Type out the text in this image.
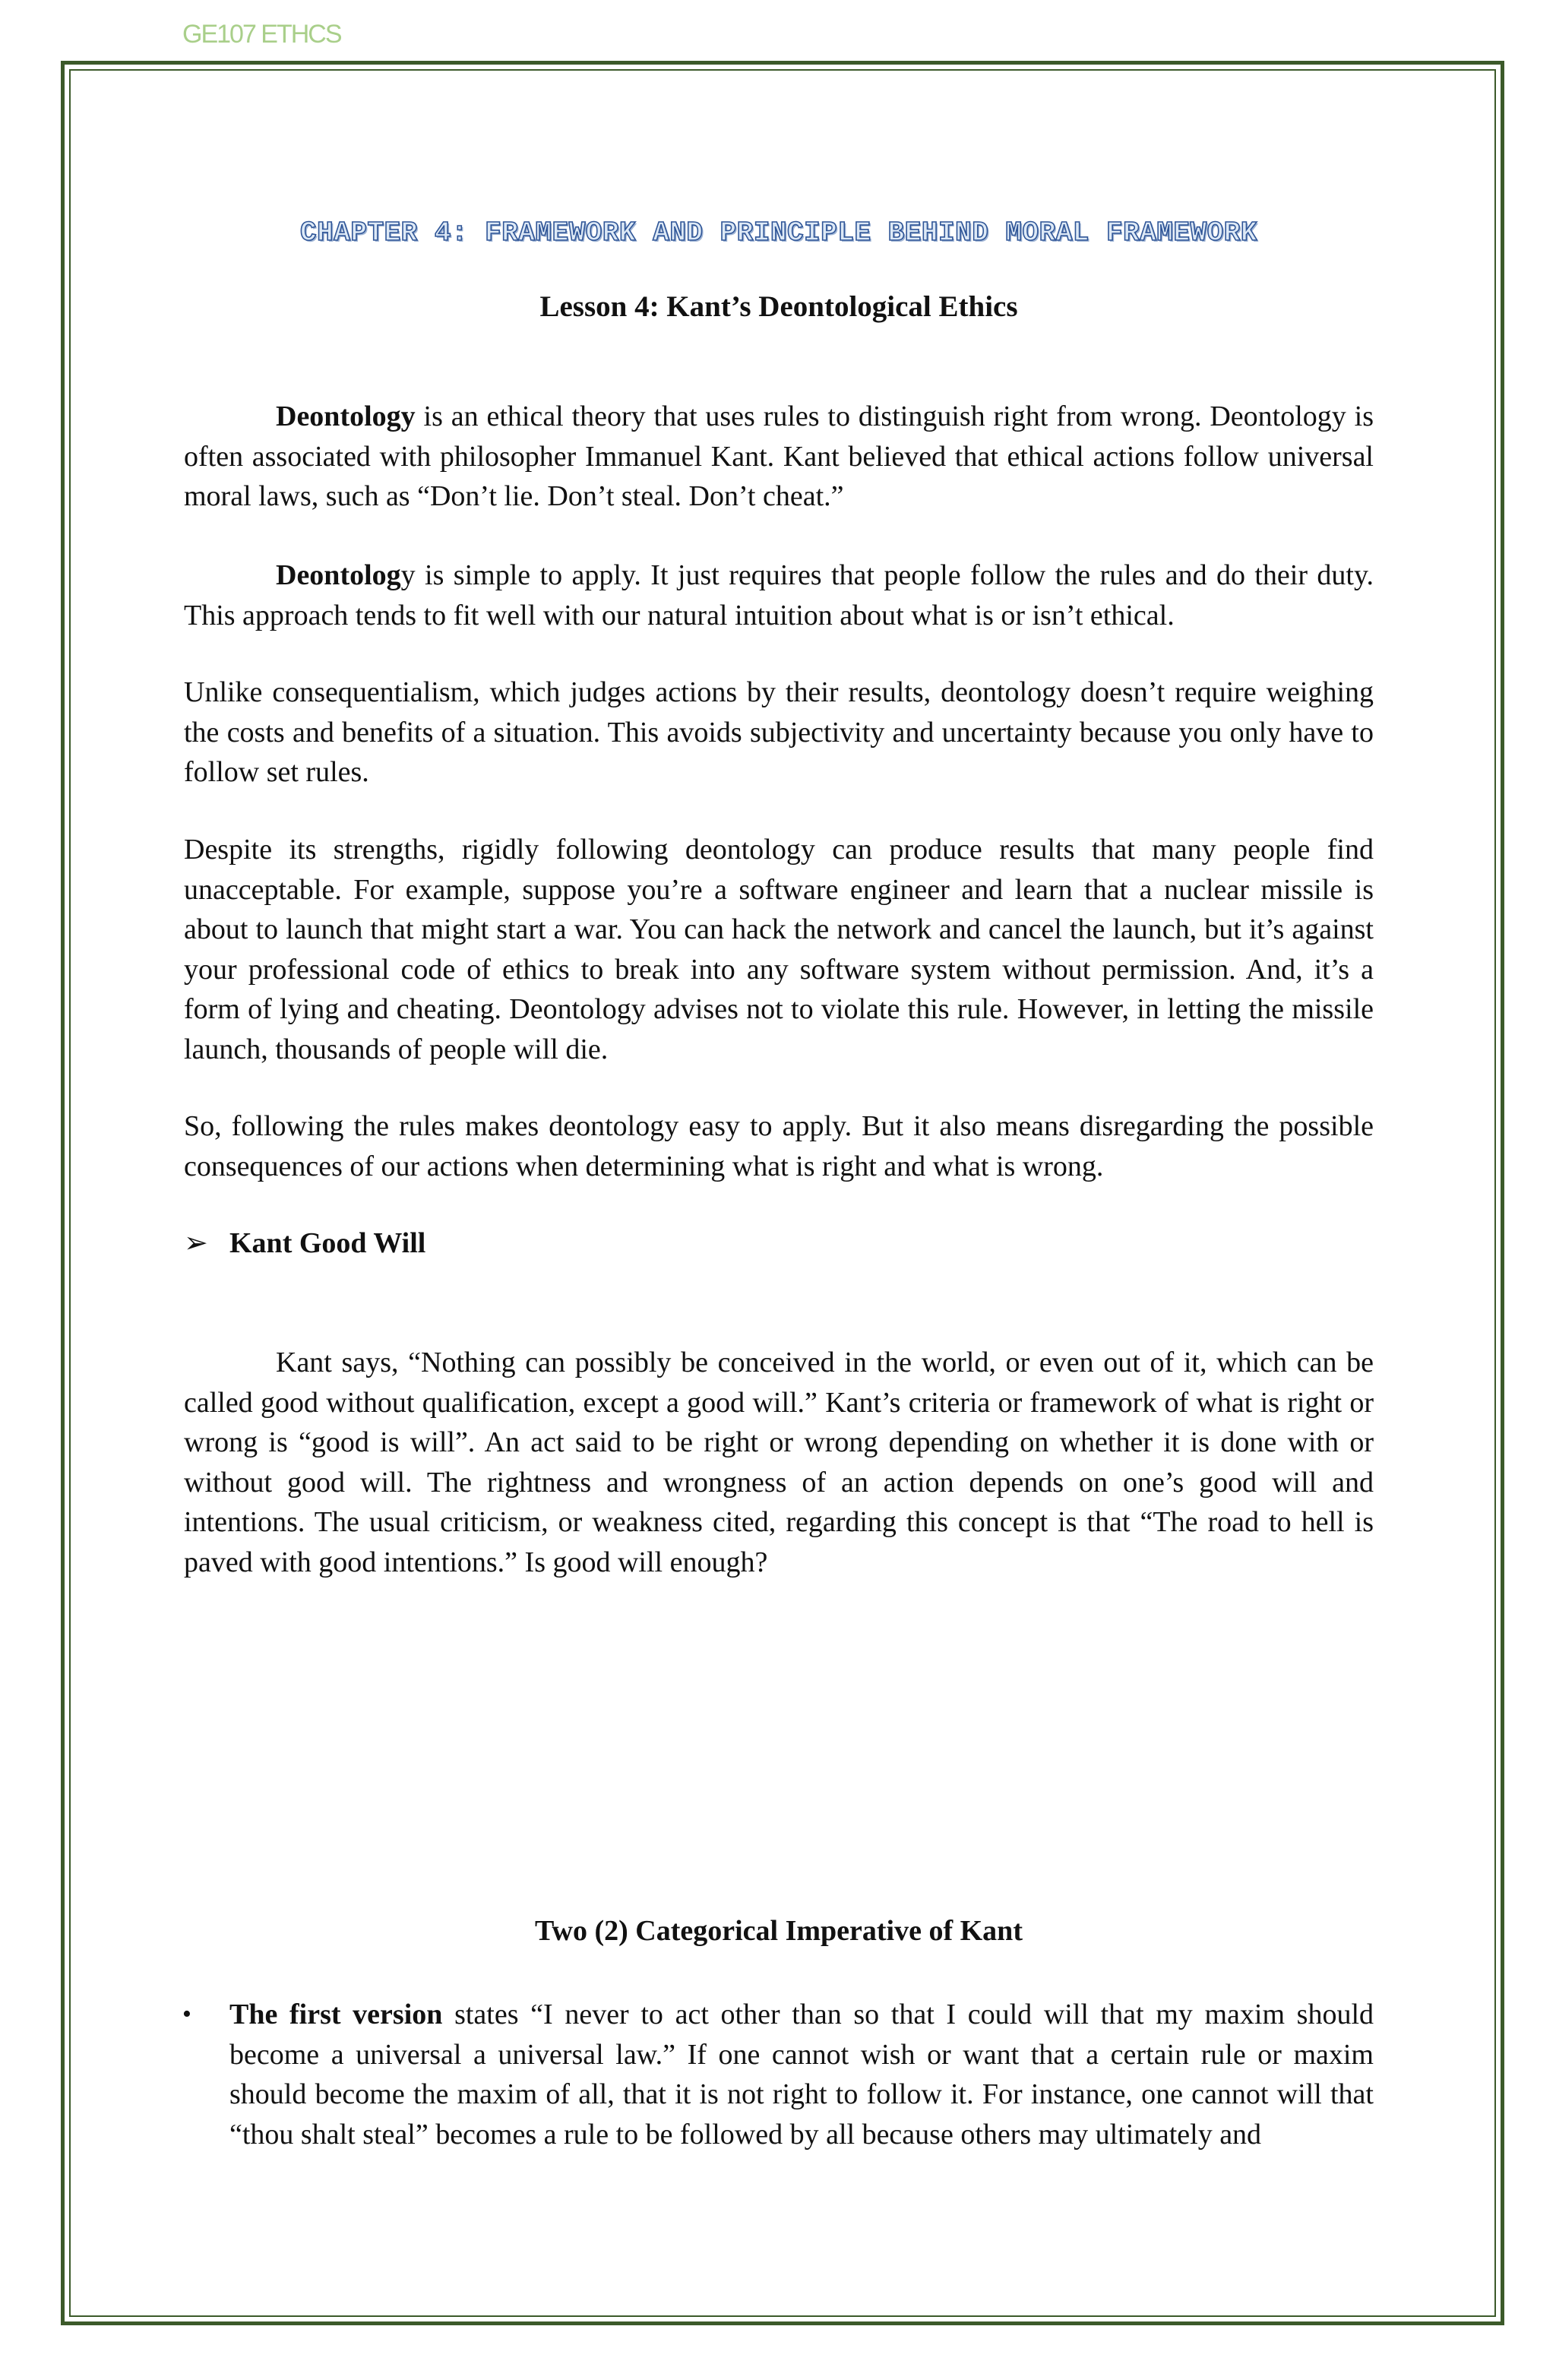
GE107 ETHCS
CHAPTER 4: FRAMEWORK AND PRINCIPLE BEHIND MORAL FRAMEWORK
Lesson 4: Kant’s Deontological Ethics

Deontology is an ethical theory that uses rules to distinguish right from wrong. Deontology is often associated with philosopher Immanuel Kant. Kant believed that ethical actions follow universal moral laws, such as “Don’t lie. Don’t steal. Don’t cheat.”

Deontology is simple to apply. It just requires that people follow the rules and do their duty. This approach tends to fit well with our natural intuition about what is or isn’t ethical.

Unlike consequentialism, which judges actions by their results, deontology doesn’t require weighing the costs and benefits of a situation. This avoids subjectivity and uncertainty because you only have to follow set rules.

Despite its strengths, rigidly following deontology can produce results that many people find unacceptable. For example, suppose you’re a software engineer and learn that a nuclear missile is about to launch that might start a war. You can hack the network and cancel the launch, but it’s against your professional code of ethics to break into any software system without permission. And, it’s a form of lying and cheating. Deontology advises not to violate this rule. However, in letting the missile launch, thousands of people will die.

So, following the rules makes deontology easy to apply. But it also means disregarding the possible consequences of our actions when determining what is right and what is wrong.

➢ Kant Good Will

Kant says, “Nothing can possibly be conceived in the world, or even out of it, which can be called good without qualification, except a good will.” Kant’s criteria or framework of what is right or wrong is “good is will”. An act said to be right or wrong depending on whether it is done with or without good will. The rightness and wrongness of an action depends on one’s good will and intentions. The usual criticism, or weakness cited, regarding this concept is that “The road to hell is paved with good intentions.” Is good will enough?

Two (2) Categorical Imperative of Kant

•	The first version states “I never to act other than so that I could will that my maxim should become a universal a universal law.” If one cannot wish or want that a certain rule or maxim should become the maxim of all, that it is not right to follow it. For instance, one cannot will that “thou shalt steal” becomes a rule to be followed by all because others may ultimately and
